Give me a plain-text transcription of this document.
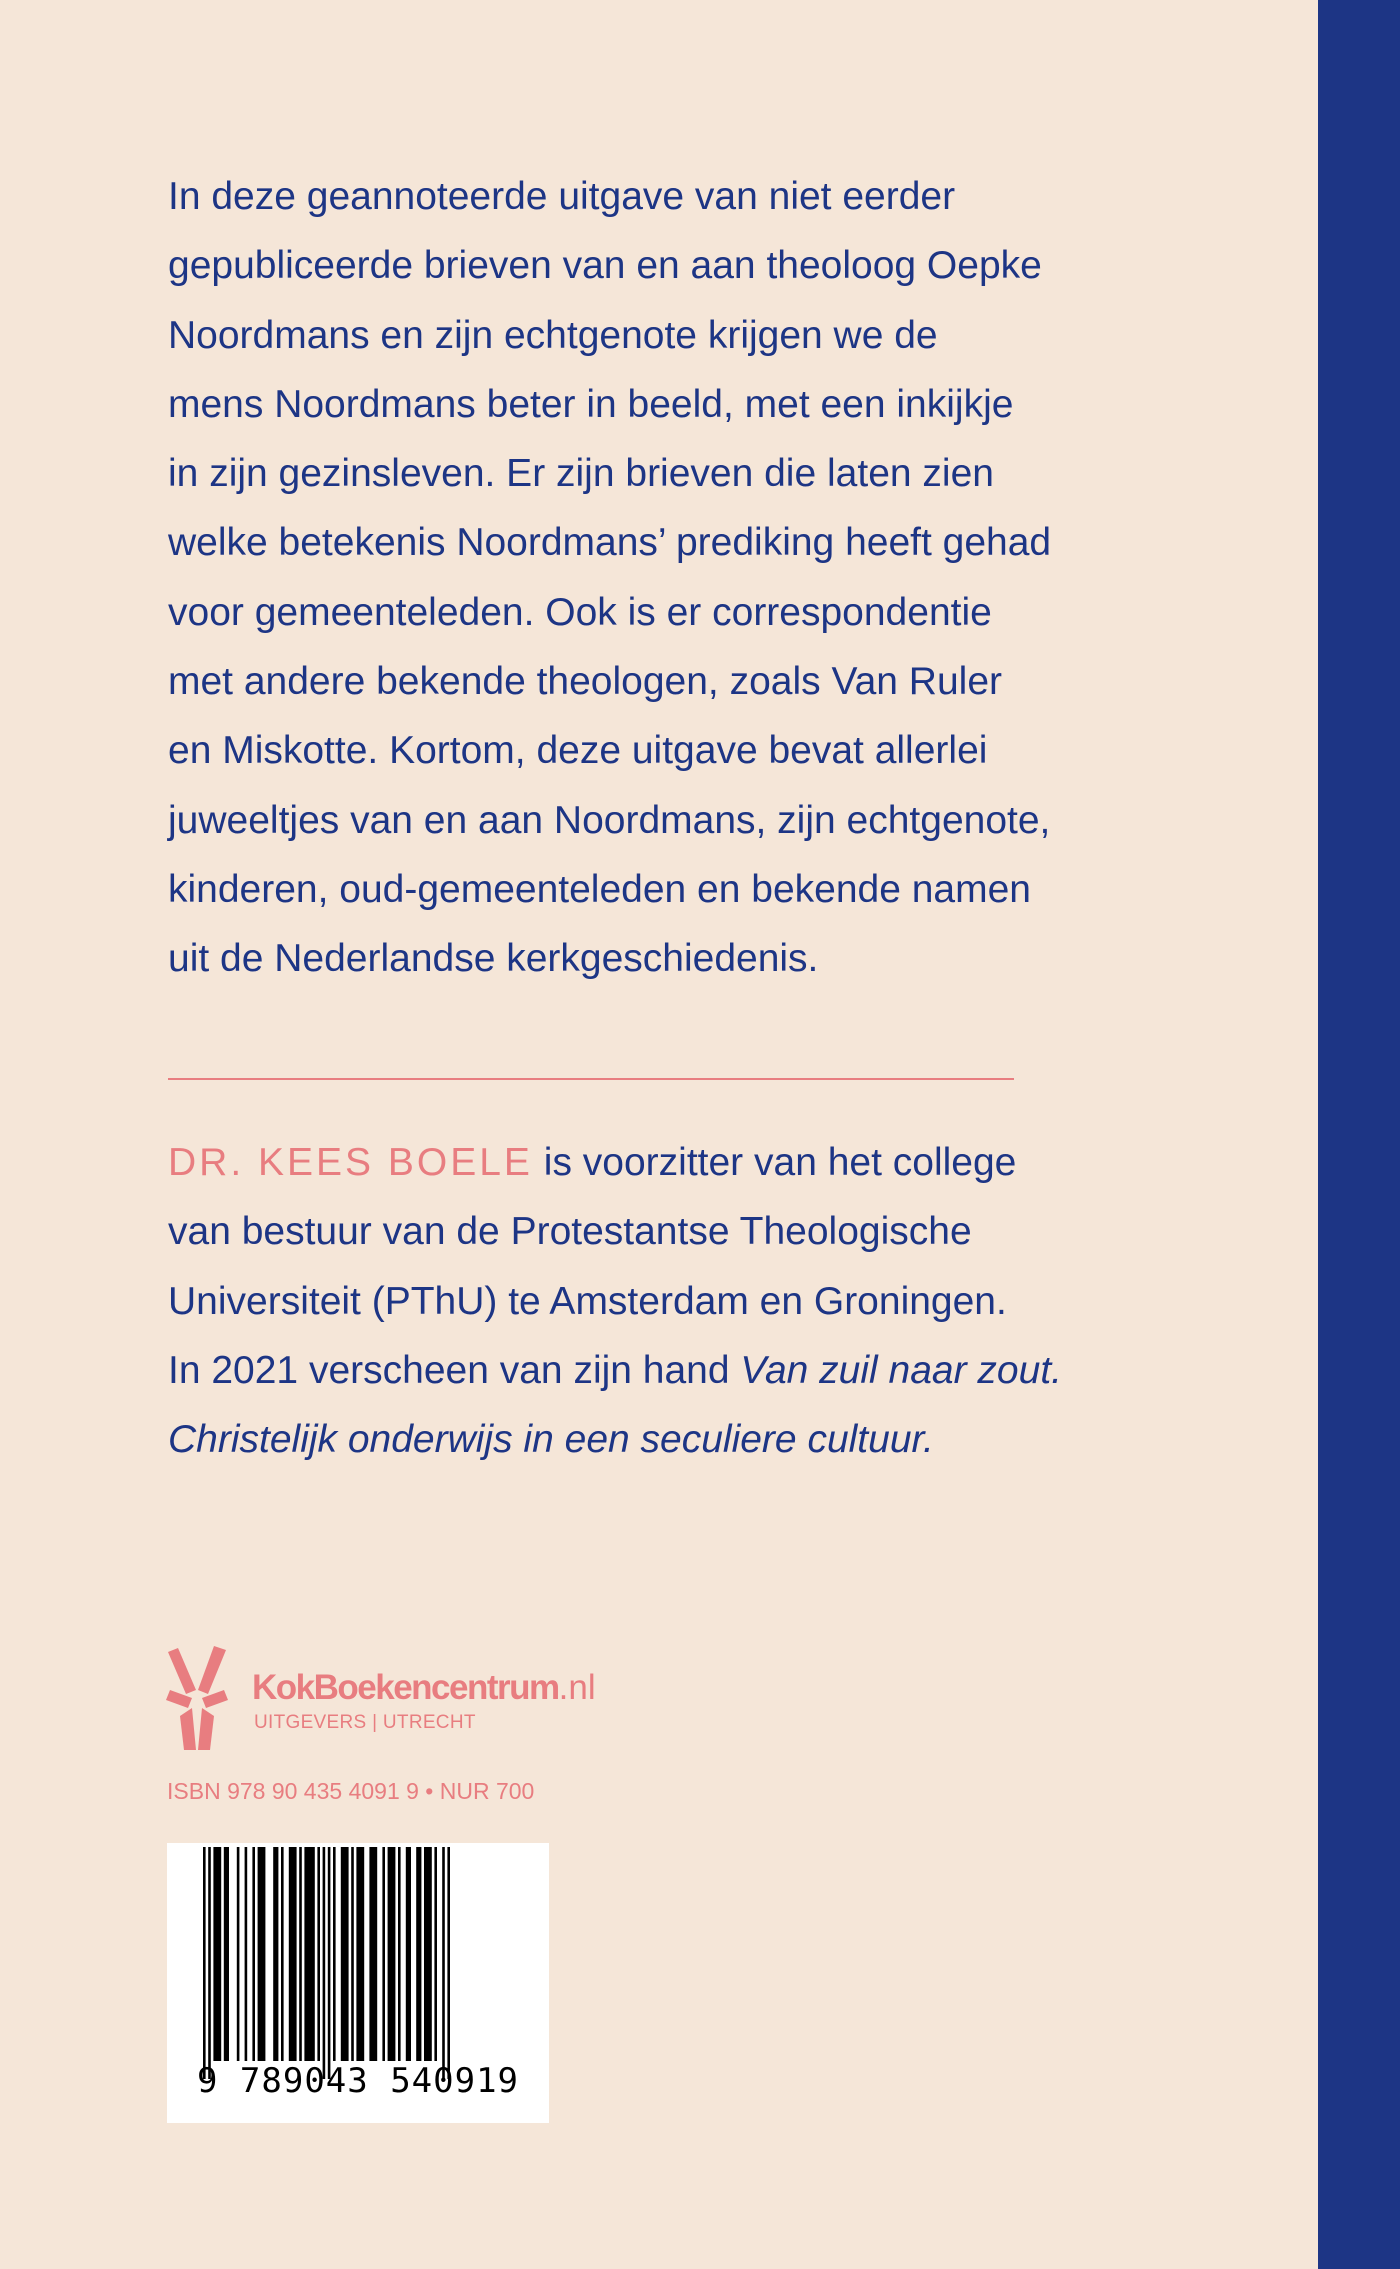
In deze geannoteerde uitgave van niet eerder
gepubliceerde brieven van en aan theoloog Oepke
Noordmans en zijn echtgenote krijgen we de
mens Noordmans beter in beeld, met een inkijkje
in zijn gezinsleven. Er zijn brieven die laten zien
welke betekenis Noordmans’ prediking heeft gehad
voor gemeenteleden. Ook is er correspondentie
met andere bekende theologen, zoals Van Ruler
en Miskotte. Kortom, deze uitgave bevat allerlei
juweeltjes van en aan Noordmans, zijn echtgenote,
kinderen, oud-gemeenteleden en bekende namen
uit de Nederlandse kerkgeschiedenis.

DR. KEES BOELE is voorzitter van het college
van bestuur van de Protestantse Theologische
Universiteit (PThU) te Amsterdam en Groningen.
In 2021 verscheen van zijn hand Van zuil naar zout.
Christelijk onderwijs in een seculiere cultuur.

KokBoekencentrum.nl
UITGEVERS | UTRECHT
ISBN 978 90 435 4091 9 • NUR 700
9 789043 540919
